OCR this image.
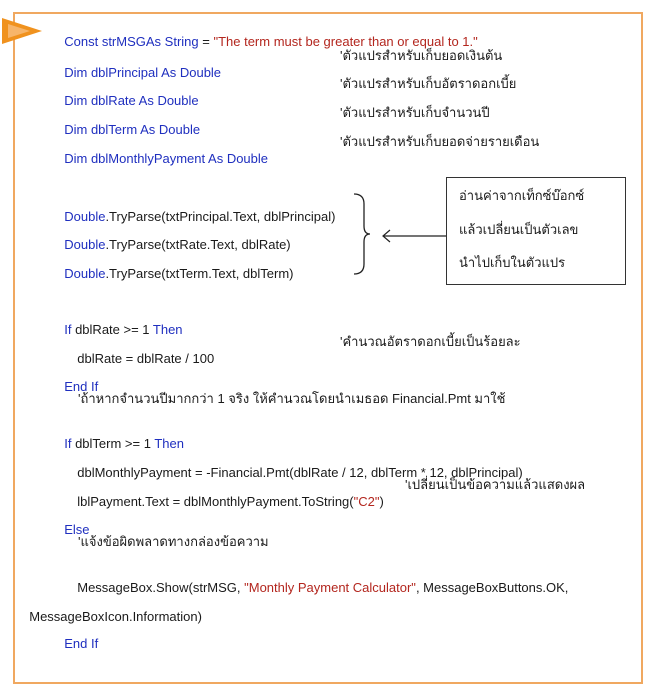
Const strMSGAs String = "The term must be greater than or equal to 1."

Dim dblPrincipal As Double

'ตัวแปรสำหรับเก็บยอดเงินต้น

Dim dblRate As Double

'ตัวแปรสำหรับเก็บอัตราดอกเบี้ย

Dim dblTerm As Double

'ตัวแปรสำหรับเก็บจำนวนปี

Dim dblMonthlyPayment As Double

'ตัวแปรสำหรับเก็บยอดจ่ายรายเดือน

Double.TryParse(txtPrincipal.Text, dblPrincipal)

Double.TryParse(txtRate.Text, dblRate)

Double.TryParse(txtTerm.Text, dblTerm)

อ่านค่าจากเท็กซ์บ๊อกซ์
แล้วเปลี่ยนเป็นตัวเลข
นำไปเก็บในตัวแปร

If dblRate >= 1 Then

dblRate = dblRate / 100

'คำนวณอัตราดอกเบี้ยเป็นร้อยละ

End If

'ถ้าหากจำนวนปีมากกว่า 1 จริง ให้คำนวณโดยนำเมธอด Financial.Pmt มาใช้

If dblTerm >= 1 Then

dblMonthlyPayment = -Financial.Pmt(dblRate / 12, dblTerm * 12, dblPrincipal)

lblPayment.Text = dblMonthlyPayment.ToString("C2")

'เปลี่ยนเป็นข้อความแล้วแสดงผล

Else

'แจ้งข้อผิดพลาดทางกล่องข้อความ

MessageBox.Show(strMSG, "Monthly Payment Calculator", MessageBoxButtons.OK,

MessageBoxIcon.Information)

End If
